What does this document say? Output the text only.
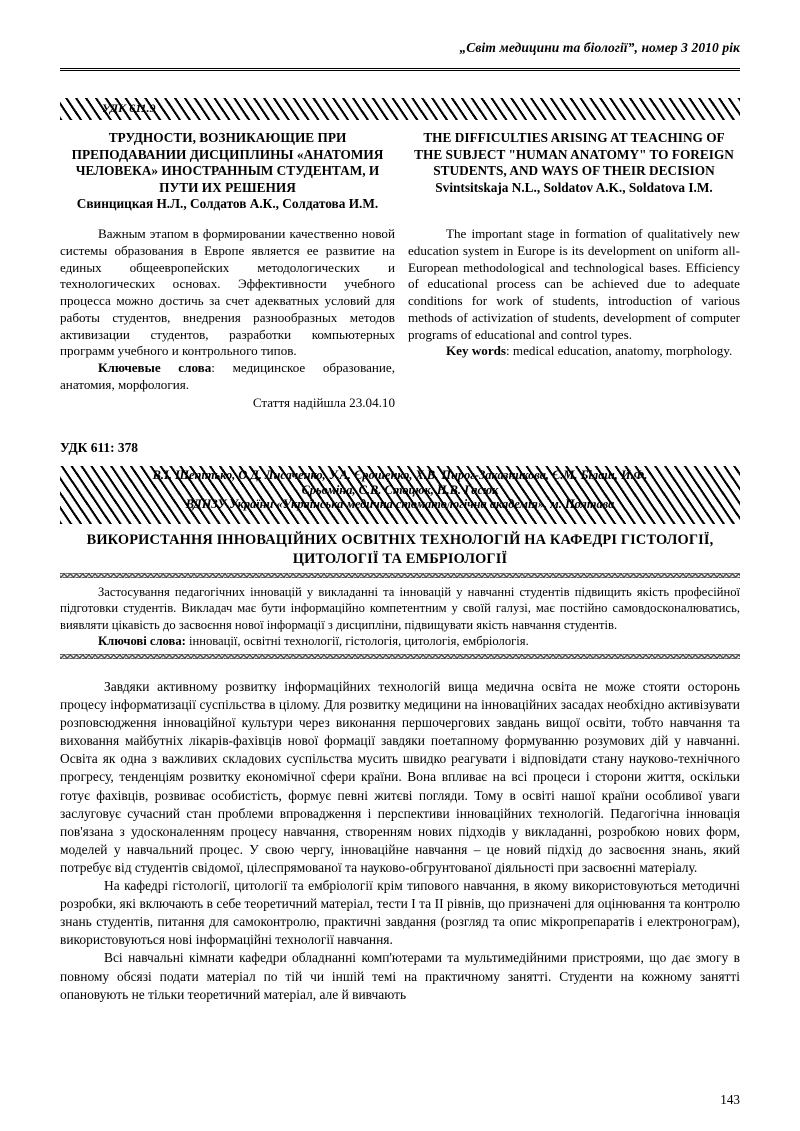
„Світ медицини та біології”, номер 3 2010 рік
УДК 611.9
ТРУДНОСТИ, ВОЗНИКАЮЩИЕ ПРИ ПРЕПОДАВАНИИ ДИСЦИПЛИНЫ «АНАТОМИЯ ЧЕЛОВЕКА» ИНОСТРАННЫМ СТУДЕНТАМ, И ПУТИ ИХ РЕШЕНИЯ
Свинцицкая Н.Л., Солдатов А.К., Солдатова И.М.

Важным этапом в формировании качественно новой системы образования в Европе является ее развитие на единых общеевропейских методологических и технологических основах. Эффективности учебного процесса можно достичь за счет адекватных условий для работы студентов, внедрения разнообразных методов активизации студентов, разработки компьютерных программ учебного и контрольного типов.

Ключевые слова: медицинское образование, анатомия, морфология.

Стаття надійшла 23.04.10

THE DIFFICULTIES ARISING AT TEACHING OF THE SUBJECT "HUMAN ANATOMY" TO FOREIGN STUDENTS, AND WAYS OF THEIR DECISION
Svintsitskaja N.L., Soldatov A.K., Soldatova I.M.

The important stage in formation of qualitatively new education system in Europe is its development on uniform all-European methodological and technological bases. Efficiency of educational process can be achieved due to adequate conditions for work of students, introduction of various methods of activization of students, development of computer programs of educational and control types.

Key words: medical education, anatomy, morphology.

УДК 611: 378
В.І. Шепітько, О.Д. Лисаченко, У.А. Єрошенко, Х.В. Пирог-Заказникова, Є.М. Білаш, И.Ф.
Єрьоміна, С.В. Стоцюк, Н.В. Гасюк
ВДНЗУ України «Українська медична стоматологічна академія», м. Полтава
ВИКОРИСТАННЯ ІННОВАЦІЙНИХ ОСВІТНІХ ТЕХНОЛОГІЙ НА КАФЕДРІ ГІСТОЛОГІЇ, ЦИТОЛОГІЇ ТА ЕМБРІОЛОГІЇ

Застосування педагогічних інновацій у викладанні та інновацій у навчанні студентів підвищить якість професійної підготовки студентів. Викладач має бути інформаційно компетентним у своїй галузі, має постійно самовдосконалюватись, виявляти цікавість до засвоєння нової інформації з дисципліни, підвищувати якість навчання студентів.

Ключові слова: інновації, освітні технології, гістологія, цитологія, ембріологія.

Завдяки активному розвитку інформаційних технологій вища медична освіта не може стояти осторонь процесу інформатизації суспільства в цілому. Для розвитку медицини на інноваційних засадах необхідно активізувати розповсюдження інноваційної культури через виконання першочергових завдань вищої освіти, тобто навчання та виховання майбутніх лікарів-фахівців нової формації завдяки поетапному формуванню розумових дій у навчанні. Освіта як одна з важливих складових суспільства мусить швидко реагувати і відповідати стану науково-технічного прогресу, тенденціям розвитку економічної сфери країни. Вона впливає на всі процеси і сторони життя, оскільки готує фахівців, розвиває особистість, формує певні житєві погляди. Тому в освіті нашої країни особливої уваги заслуговує сучасний стан проблеми впровадження і перспективи інноваційних технологій. Педагогічна інновація пов'язана з удосконаленням процесу навчання, створенням нових підходів у викладанні, розробкою нових форм, моделей у навчальний процес. У свою чергу, інноваційне навчання – це новий підхід до засвоєння знань, який потребує від студентів свідомої, цілеспрямованої та науково-обгрунтованої діяльності при засвоєнні матеріалу.

На кафедрі гістології, цитології та ембріології крім типового навчання, в якому використовуються методичні розробки, які включають в себе теоретичний матеріал, тести I та II рівнів, що призначені для оцінювання та контролю знань студентів, питання для самоконтролю, практичні завдання (розгляд та опис мікропрепаратів і електронограм), використовуються нові інформаційні технології навчання.

Всі навчальні кімнати кафедри обладнанні комп'ютерами та мультимедійними пристроями, що дає змогу в повному обсязі подати матеріал по тій чи іншій темі на практичному занятті. Студенти на кожному занятті опановують не тільки теоретичний матеріал, але й вивчають

143
